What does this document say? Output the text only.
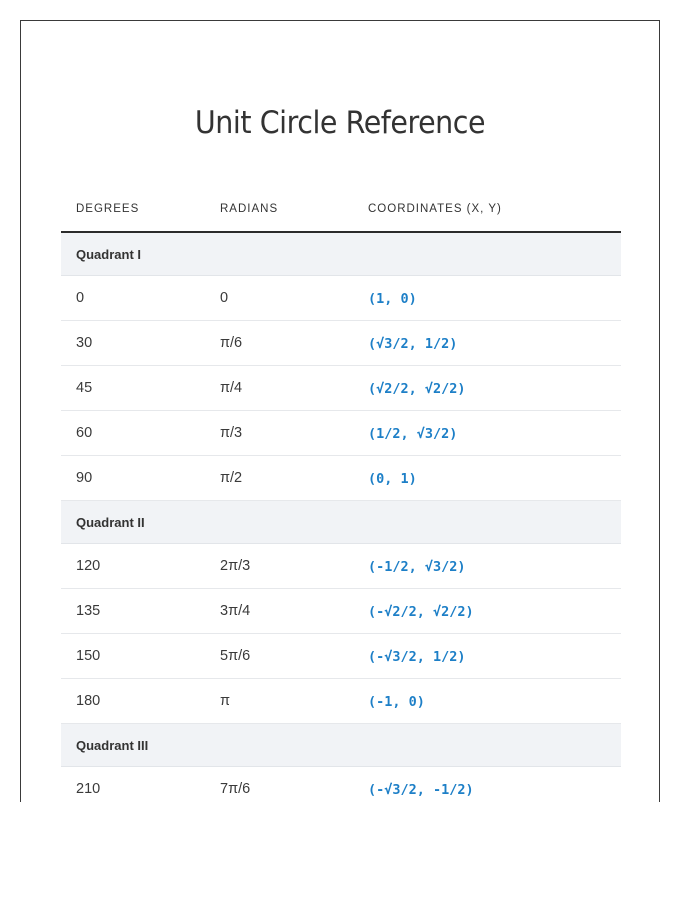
Unit Circle Reference
DEGREES	RADIANS	COORDINATES (X, Y)
Quadrant I
0	0	(1, 0)
30	π/6	(√3/2, 1/2)
45	π/4	(√2/2, √2/2)
60	π/3	(1/2, √3/2)
90	π/2	(0, 1)
Quadrant II
120	2π/3	(-1/2, √3/2)
135	3π/4	(-√2/2, √2/2)
150	5π/6	(-√3/2, 1/2)
180	π	(-1, 0)
Quadrant III
210	7π/6	(-√3/2, -1/2)
